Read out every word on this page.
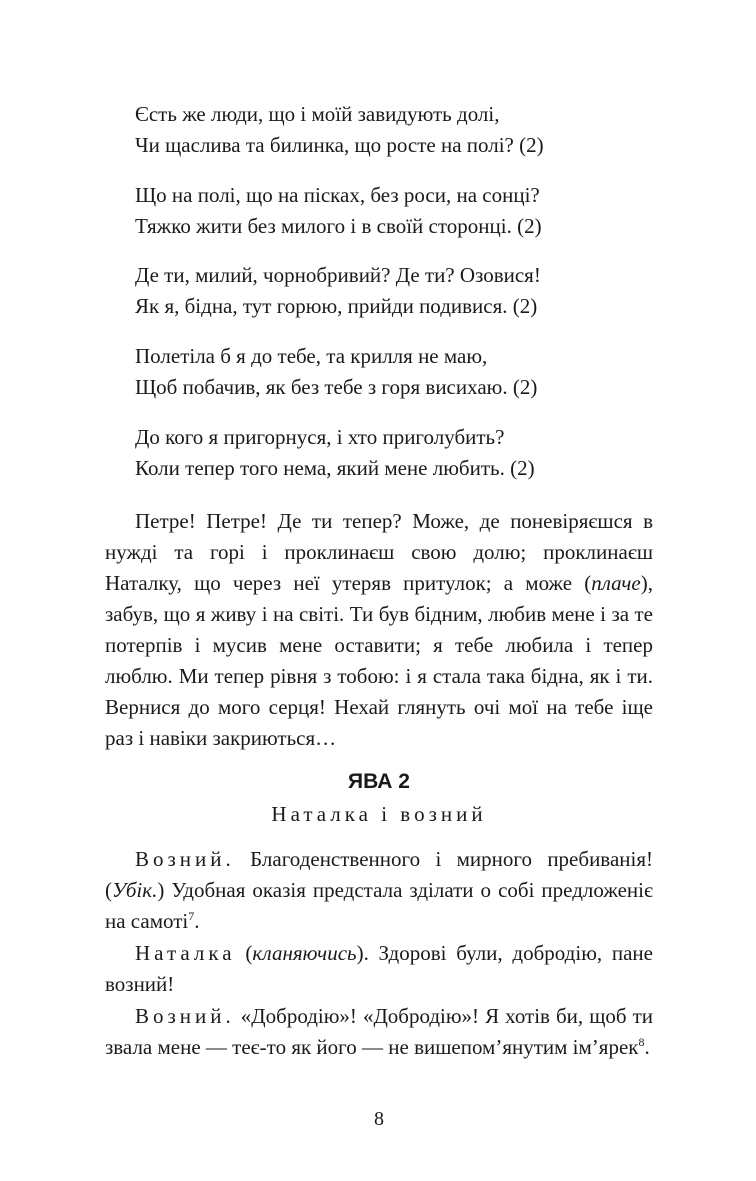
Єсть же люди, що і моїй завидують долі,
Чи щаслива та билинка, що росте на полі? (2)
Що на полі, що на пісках, без роси, на сонці?
Тяжко жити без милого і в своїй сторонці. (2)
Де ти, милий, чорнобривий? Де ти? Озовися!
Як я, бідна, тут горюю, прийди подивися. (2)
Полетіла б я до тебе, та крилля не маю,
Щоб побачив, як без тебе з горя висихаю. (2)
До кого я пригорнуся, і хто приголубить?
Коли тепер того нема, який мене любить. (2)

Петре! Петре! Де ти тепер? Може, де поневіряєшся в нужді та горі і проклинаєш свою долю; проклинаєш Наталку, що через неї утеряв притулок; а може (плаче), забув, що я живу і на світі. Ти був бідним, любив мене і за те потерпів і мусив мене оставити; я тебе любила і тепер люблю. Ми тепер рівня з тобою: і я стала така бідна, як і ти. Вернися до мого серця! Нехай глянуть очі мої на тебе іще раз і навіки закриються…

ЯВА 2
Наталка і возний

Возний. Благоденственного і мирного пребиванія! (Убік.) Удобная оказія предстала зділати о собі предложеніє на самоті$^7$.

Наталка (кланяючись). Здорові були, добродію, пане возний!

Возний. «Добродію»! «Добродію»! Я хотів би, щоб ти звала мене — теє-то як його — не вишепом’янутим ім’ярек$^8$.

8
